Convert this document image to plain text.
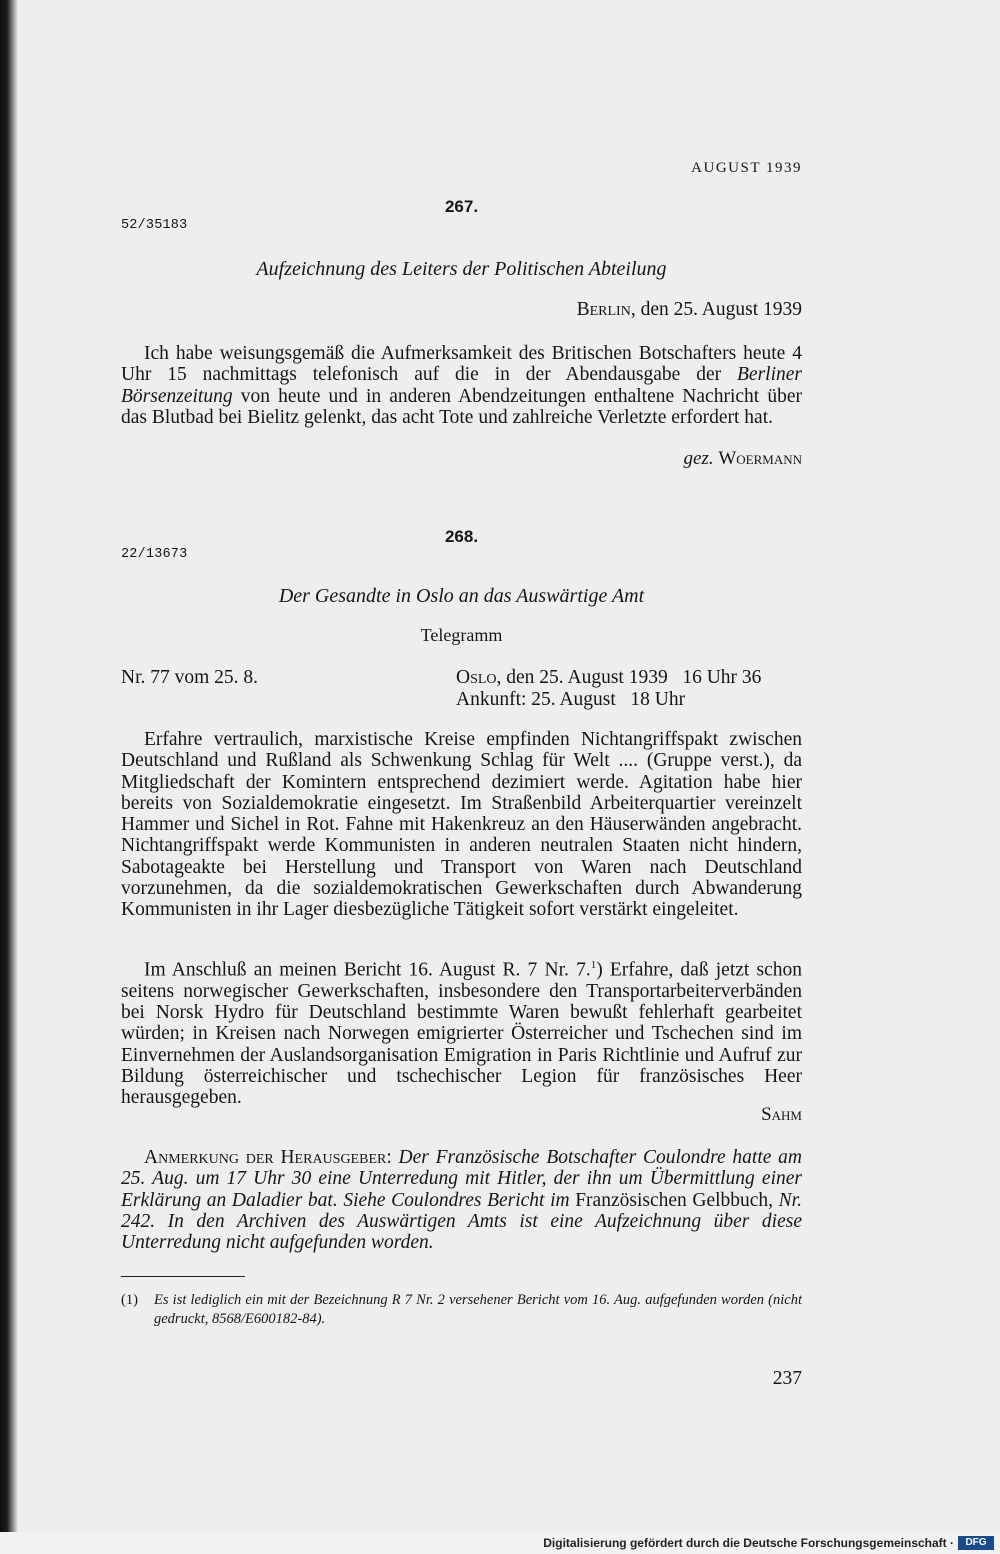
AUGUST 1939
267.
52/35183
Aufzeichnung des Leiters der Politischen Abteilung
Berlin, den 25. August 1939

Ich habe weisungsgemäß die Aufmerksamkeit des Britischen Botschafters heute 4 Uhr 15 nachmittags telefonisch auf die in der Abendausgabe der Berliner Börsenzeitung von heute und in anderen Abendzeitungen enthaltene Nachricht über das Blutbad bei Bielitz gelenkt, das acht Tote und zahlreiche Verletzte erfordert hat.

gez. Woermann
268.
22/13673
Der Gesandte in Oslo an das Auswärtige Amt
Telegramm
Nr. 77 vom 25. 8.	Oslo, den 25. August 1939   16 Uhr 36
Ankunft: 25. August   18 Uhr

Erfahre vertraulich, marxistische Kreise empfinden Nichtangriffspakt zwischen Deutschland und Rußland als Schwenkung Schlag für Welt .... (Gruppe verst.), da Mitgliedschaft der Komintern entsprechend dezimiert werde. Agitation habe hier bereits von Sozialdemokratie eingesetzt. Im Straßenbild Arbeiterquartier vereinzelt Hammer und Sichel in Rot. Fahne mit Hakenkreuz an den Häuserwänden angebracht. Nichtangriffspakt werde Kommunisten in anderen neutralen Staaten nicht hindern, Sabotageakte bei Herstellung und Transport von Waren nach Deutschland vorzunehmen, da die sozialdemokratischen Gewerkschaften durch Abwanderung Kommunisten in ihr Lager diesbezügliche Tätigkeit sofort verstärkt eingeleitet.

Im Anschluß an meinen Bericht 16. August R. 7 Nr. 7.$^1$) Erfahre, daß jetzt schon seitens norwegischer Gewerkschaften, insbesondere den Transportarbeiterverbänden bei Norsk Hydro für Deutschland bestimmte Waren bewußt fehlerhaft gearbeitet würden; in Kreisen nach Norwegen emigrierter Österreicher und Tschechen sind im Einvernehmen der Auslandsorganisation Emigration in Paris Richtlinie und Aufruf zur Bildung österreichischer und tschechischer Legion für französisches Heer herausgegeben.

Sahm

Anmerkung der Herausgeber: Der Französische Botschafter Coulondre hatte am 25. Aug. um 17 Uhr 30 eine Unterredung mit Hitler, der ihn um Übermittlung einer Erklärung an Daladier bat. Siehe Coulondres Bericht im Französischen Gelbbuch, Nr. 242. In den Archiven des Auswärtigen Amts ist eine Aufzeichnung über diese Unterredung nicht aufgefunden worden.

(1)	Es ist lediglich ein mit der Bezeichnung R 7 Nr. 2 versehener Bericht vom 16. Aug. aufgefunden worden (nicht gedruckt, 8568/E600182-84).
237
Digitalisierung gefördert durch die Deutsche Forschungsgemeinschaft ·	DFG
